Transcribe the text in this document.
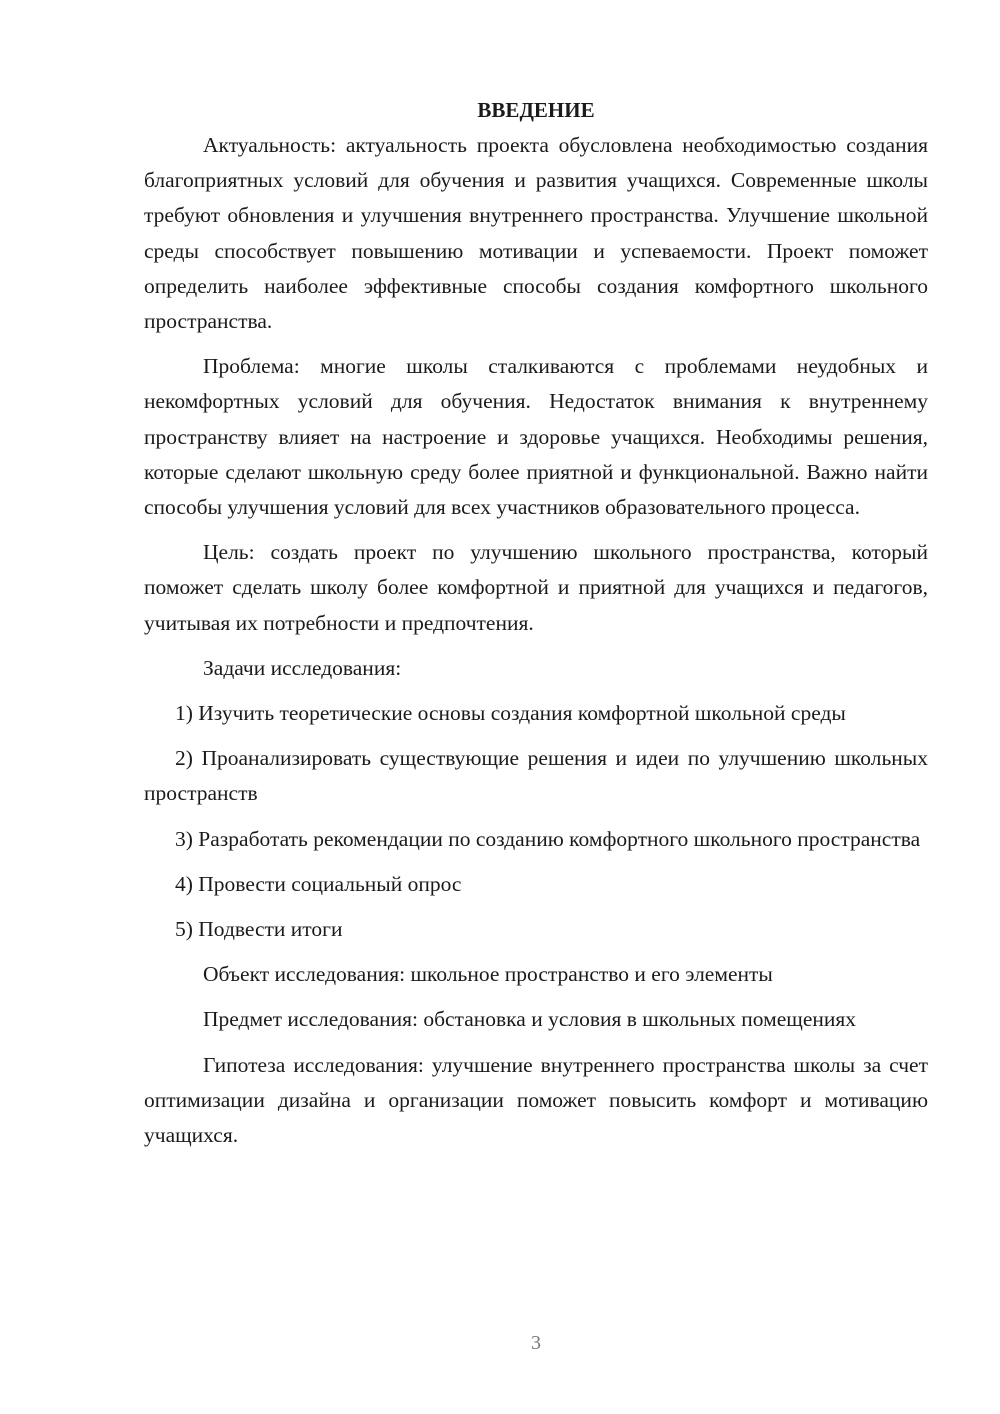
ВВЕДЕНИЕ

Актуальность: актуальность проекта обусловлена необходимостью создания благоприятных условий для обучения и развития учащихся. Современные школы требуют обновления и улучшения внутреннего пространства. Улучшение школьной среды способствует повышению мотивации и успеваемости. Проект поможет определить наиболее эффективные способы создания комфортного школьного пространства.

Проблема: многие школы сталкиваются с проблемами неудобных и некомфортных условий для обучения. Недостаток внимания к внутреннему пространству влияет на настроение и здоровье учащихся. Необходимы решения, которые сделают школьную среду более приятной и функциональной. Важно найти способы улучшения условий для всех участников образовательного процесса.

Цель: создать проект по улучшению школьного пространства, который поможет сделать школу более комфортной и приятной для учащихся и педагогов, учитывая их потребности и предпочтения.

Задачи исследования:

1) Изучить теоретические основы создания комфортной школьной среды

2) Проанализировать существующие решения и идеи по улучшению школьных пространств

3) Разработать рекомендации по созданию комфортного школьного пространства

4) Провести социальный опрос

5) Подвести итоги

Объект исследования: школьное пространство и его элементы

Предмет исследования: обстановка и условия в школьных помещениях

Гипотеза исследования: улучшение внутреннего пространства школы за счет оптимизации дизайна и организации поможет повысить комфорт и мотивацию учащихся.

3
